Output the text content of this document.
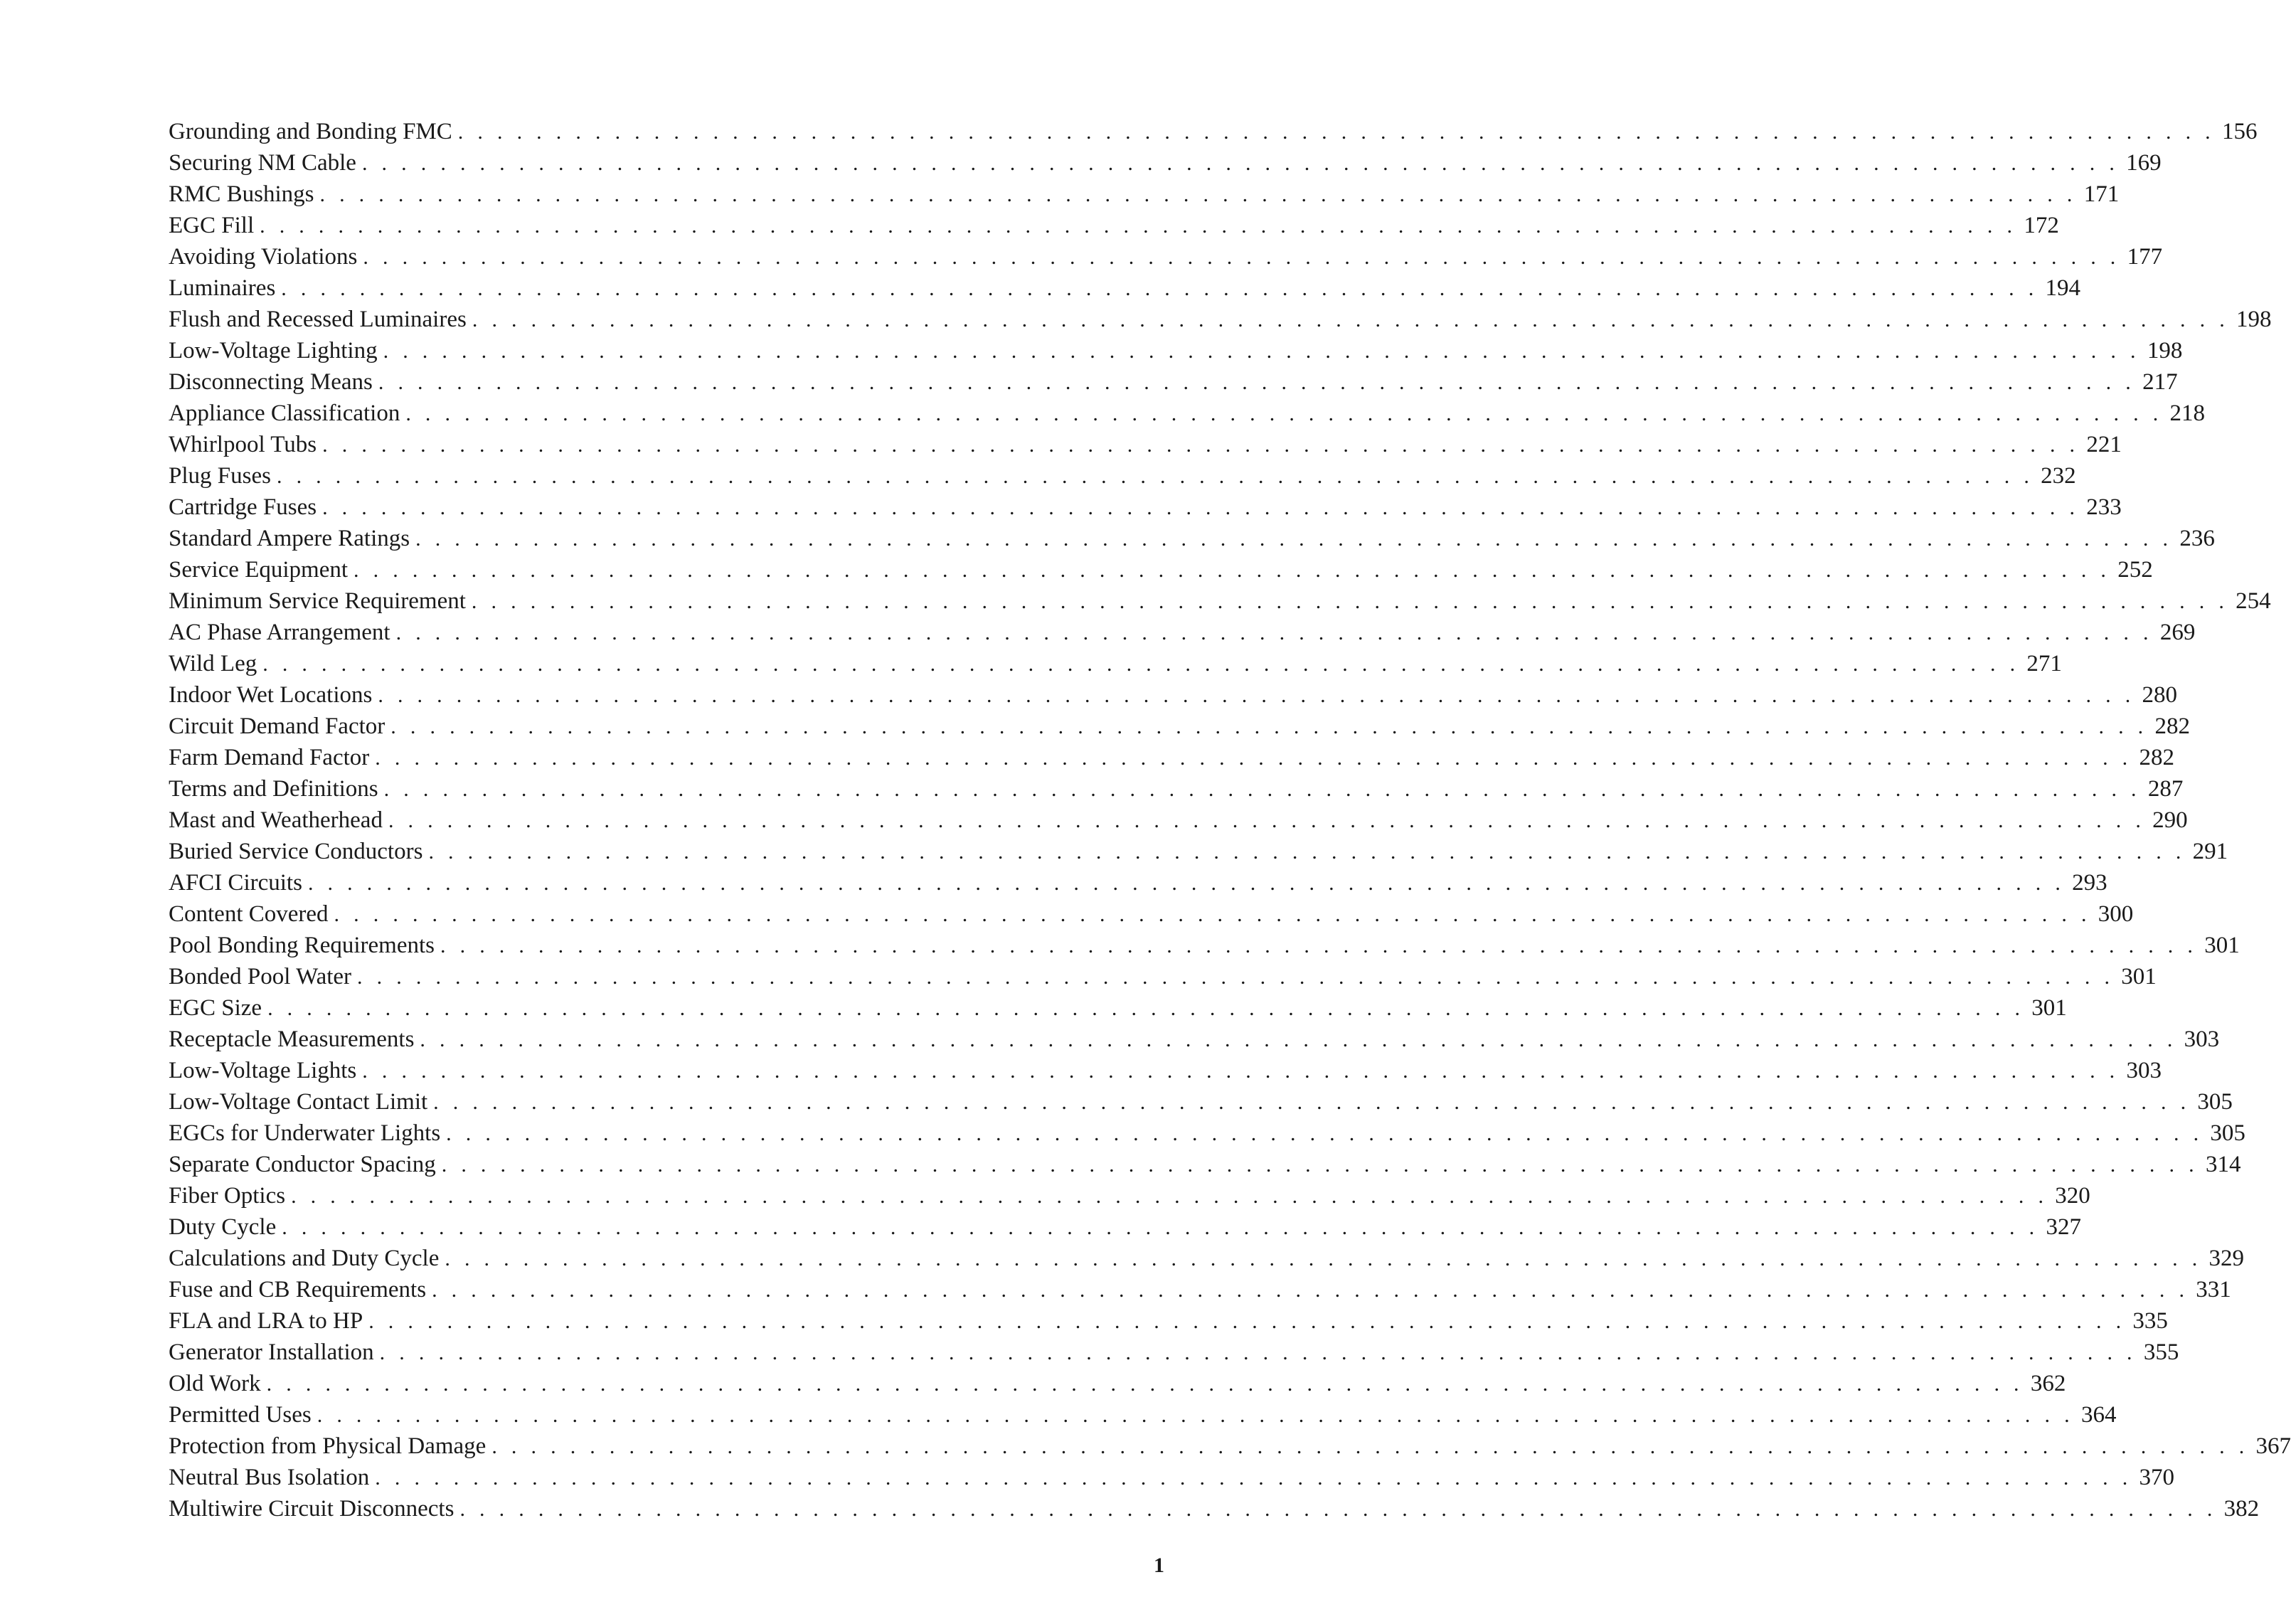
Grounding and Bonding FMC . . . . . . . . . . . . . . . . . . . . . . . . . . . . . . . . . . . . . . . . . . . . . . . . . . . . . . . . . . . . . . . . . . . . . . . . . . . . . . . . . . . . . . . . . . 156
Securing NM Cable . . . . . . . . . . . . . . . . . . . . . . . . . . . . . . . . . . . . . . . . . . . . . . . . . . . . . . . . . . . . . . . . . . . . . . . . . . . . . . . . . . . . . . . . . . 169
RMC Bushings . . . . . . . . . . . . . . . . . . . . . . . . . . . . . . . . . . . . . . . . . . . . . . . . . . . . . . . . . . . . . . . . . . . . . . . . . . . . . . . . . . . . . . . . . . 171
EGC Fill . . . . . . . . . . . . . . . . . . . . . . . . . . . . . . . . . . . . . . . . . . . . . . . . . . . . . . . . . . . . . . . . . . . . . . . . . . . . . . . . . . . . . . . . . . 172
Avoiding Violations . . . . . . . . . . . . . . . . . . . . . . . . . . . . . . . . . . . . . . . . . . . . . . . . . . . . . . . . . . . . . . . . . . . . . . . . . . . . . . . . . . . . . . . . . . 177
Luminaires . . . . . . . . . . . . . . . . . . . . . . . . . . . . . . . . . . . . . . . . . . . . . . . . . . . . . . . . . . . . . . . . . . . . . . . . . . . . . . . . . . . . . . . . . . 194
Flush and Recessed Luminaires . . . . . . . . . . . . . . . . . . . . . . . . . . . . . . . . . . . . . . . . . . . . . . . . . . . . . . . . . . . . . . . . . . . . . . . . . . . . . . . . . . . . . . . . . . 198
Low-Voltage Lighting . . . . . . . . . . . . . . . . . . . . . . . . . . . . . . . . . . . . . . . . . . . . . . . . . . . . . . . . . . . . . . . . . . . . . . . . . . . . . . . . . . . . . . . . . . 198
Disconnecting Means . . . . . . . . . . . . . . . . . . . . . . . . . . . . . . . . . . . . . . . . . . . . . . . . . . . . . . . . . . . . . . . . . . . . . . . . . . . . . . . . . . . . . . . . . . 217
Appliance Classification . . . . . . . . . . . . . . . . . . . . . . . . . . . . . . . . . . . . . . . . . . . . . . . . . . . . . . . . . . . . . . . . . . . . . . . . . . . . . . . . . . . . . . . . . . 218
Whirlpool Tubs . . . . . . . . . . . . . . . . . . . . . . . . . . . . . . . . . . . . . . . . . . . . . . . . . . . . . . . . . . . . . . . . . . . . . . . . . . . . . . . . . . . . . . . . . . 221
Plug Fuses . . . . . . . . . . . . . . . . . . . . . . . . . . . . . . . . . . . . . . . . . . . . . . . . . . . . . . . . . . . . . . . . . . . . . . . . . . . . . . . . . . . . . . . . . . 232
Cartridge Fuses . . . . . . . . . . . . . . . . . . . . . . . . . . . . . . . . . . . . . . . . . . . . . . . . . . . . . . . . . . . . . . . . . . . . . . . . . . . . . . . . . . . . . . . . . . 233
Standard Ampere Ratings . . . . . . . . . . . . . . . . . . . . . . . . . . . . . . . . . . . . . . . . . . . . . . . . . . . . . . . . . . . . . . . . . . . . . . . . . . . . . . . . . . . . . . . . . . 236
Service Equipment . . . . . . . . . . . . . . . . . . . . . . . . . . . . . . . . . . . . . . . . . . . . . . . . . . . . . . . . . . . . . . . . . . . . . . . . . . . . . . . . . . . . . . . . . . 252
Minimum Service Requirement . . . . . . . . . . . . . . . . . . . . . . . . . . . . . . . . . . . . . . . . . . . . . . . . . . . . . . . . . . . . . . . . . . . . . . . . . . . . . . . . . . . . . . . . . . 254
AC Phase Arrangement . . . . . . . . . . . . . . . . . . . . . . . . . . . . . . . . . . . . . . . . . . . . . . . . . . . . . . . . . . . . . . . . . . . . . . . . . . . . . . . . . . . . . . . . . . 269
Wild Leg . . . . . . . . . . . . . . . . . . . . . . . . . . . . . . . . . . . . . . . . . . . . . . . . . . . . . . . . . . . . . . . . . . . . . . . . . . . . . . . . . . . . . . . . . . 271
Indoor Wet Locations . . . . . . . . . . . . . . . . . . . . . . . . . . . . . . . . . . . . . . . . . . . . . . . . . . . . . . . . . . . . . . . . . . . . . . . . . . . . . . . . . . . . . . . . . . 280
Circuit Demand Factor . . . . . . . . . . . . . . . . . . . . . . . . . . . . . . . . . . . . . . . . . . . . . . . . . . . . . . . . . . . . . . . . . . . . . . . . . . . . . . . . . . . . . . . . . . 282
Farm Demand Factor . . . . . . . . . . . . . . . . . . . . . . . . . . . . . . . . . . . . . . . . . . . . . . . . . . . . . . . . . . . . . . . . . . . . . . . . . . . . . . . . . . . . . . . . . . 282
Terms and Definitions . . . . . . . . . . . . . . . . . . . . . . . . . . . . . . . . . . . . . . . . . . . . . . . . . . . . . . . . . . . . . . . . . . . . . . . . . . . . . . . . . . . . . . . . . . 287
Mast and Weatherhead . . . . . . . . . . . . . . . . . . . . . . . . . . . . . . . . . . . . . . . . . . . . . . . . . . . . . . . . . . . . . . . . . . . . . . . . . . . . . . . . . . . . . . . . . . 290
Buried Service Conductors . . . . . . . . . . . . . . . . . . . . . . . . . . . . . . . . . . . . . . . . . . . . . . . . . . . . . . . . . . . . . . . . . . . . . . . . . . . . . . . . . . . . . . . . . . 291
AFCI Circuits . . . . . . . . . . . . . . . . . . . . . . . . . . . . . . . . . . . . . . . . . . . . . . . . . . . . . . . . . . . . . . . . . . . . . . . . . . . . . . . . . . . . . . . . . . 293
Content Covered . . . . . . . . . . . . . . . . . . . . . . . . . . . . . . . . . . . . . . . . . . . . . . . . . . . . . . . . . . . . . . . . . . . . . . . . . . . . . . . . . . . . . . . . . . 300
Pool Bonding Requirements . . . . . . . . . . . . . . . . . . . . . . . . . . . . . . . . . . . . . . . . . . . . . . . . . . . . . . . . . . . . . . . . . . . . . . . . . . . . . . . . . . . . . . . . . . 301
Bonded Pool Water . . . . . . . . . . . . . . . . . . . . . . . . . . . . . . . . . . . . . . . . . . . . . . . . . . . . . . . . . . . . . . . . . . . . . . . . . . . . . . . . . . . . . . . . . . 301
EGC Size . . . . . . . . . . . . . . . . . . . . . . . . . . . . . . . . . . . . . . . . . . . . . . . . . . . . . . . . . . . . . . . . . . . . . . . . . . . . . . . . . . . . . . . . . . 301
Receptacle Measurements . . . . . . . . . . . . . . . . . . . . . . . . . . . . . . . . . . . . . . . . . . . . . . . . . . . . . . . . . . . . . . . . . . . . . . . . . . . . . . . . . . . . . . . . . . 303
Low-Voltage Lights . . . . . . . . . . . . . . . . . . . . . . . . . . . . . . . . . . . . . . . . . . . . . . . . . . . . . . . . . . . . . . . . . . . . . . . . . . . . . . . . . . . . . . . . . . 303
Low-Voltage Contact Limit . . . . . . . . . . . . . . . . . . . . . . . . . . . . . . . . . . . . . . . . . . . . . . . . . . . . . . . . . . . . . . . . . . . . . . . . . . . . . . . . . . . . . . . . . . 305
EGCs for Underwater Lights . . . . . . . . . . . . . . . . . . . . . . . . . . . . . . . . . . . . . . . . . . . . . . . . . . . . . . . . . . . . . . . . . . . . . . . . . . . . . . . . . . . . . . . . . . 305
Separate Conductor Spacing . . . . . . . . . . . . . . . . . . . . . . . . . . . . . . . . . . . . . . . . . . . . . . . . . . . . . . . . . . . . . . . . . . . . . . . . . . . . . . . . . . . . . . . . . . 314
Fiber Optics . . . . . . . . . . . . . . . . . . . . . . . . . . . . . . . . . . . . . . . . . . . . . . . . . . . . . . . . . . . . . . . . . . . . . . . . . . . . . . . . . . . . . . . . . . 320
Duty Cycle . . . . . . . . . . . . . . . . . . . . . . . . . . . . . . . . . . . . . . . . . . . . . . . . . . . . . . . . . . . . . . . . . . . . . . . . . . . . . . . . . . . . . . . . . . 327
Calculations and Duty Cycle . . . . . . . . . . . . . . . . . . . . . . . . . . . . . . . . . . . . . . . . . . . . . . . . . . . . . . . . . . . . . . . . . . . . . . . . . . . . . . . . . . . . . . . . . . 329
Fuse and CB Requirements . . . . . . . . . . . . . . . . . . . . . . . . . . . . . . . . . . . . . . . . . . . . . . . . . . . . . . . . . . . . . . . . . . . . . . . . . . . . . . . . . . . . . . . . . . 331
FLA and LRA to HP . . . . . . . . . . . . . . . . . . . . . . . . . . . . . . . . . . . . . . . . . . . . . . . . . . . . . . . . . . . . . . . . . . . . . . . . . . . . . . . . . . . . . . . . . . 335
Generator Installation . . . . . . . . . . . . . . . . . . . . . . . . . . . . . . . . . . . . . . . . . . . . . . . . . . . . . . . . . . . . . . . . . . . . . . . . . . . . . . . . . . . . . . . . . . 355
Old Work . . . . . . . . . . . . . . . . . . . . . . . . . . . . . . . . . . . . . . . . . . . . . . . . . . . . . . . . . . . . . . . . . . . . . . . . . . . . . . . . . . . . . . . . . . 362
Permitted Uses . . . . . . . . . . . . . . . . . . . . . . . . . . . . . . . . . . . . . . . . . . . . . . . . . . . . . . . . . . . . . . . . . . . . . . . . . . . . . . . . . . . . . . . . . . 364
Protection from Physical Damage . . . . . . . . . . . . . . . . . . . . . . . . . . . . . . . . . . . . . . . . . . . . . . . . . . . . . . . . . . . . . . . . . . . . . . . . . . . . . . . . . . . . . . . . . . 367
Neutral Bus Isolation . . . . . . . . . . . . . . . . . . . . . . . . . . . . . . . . . . . . . . . . . . . . . . . . . . . . . . . . . . . . . . . . . . . . . . . . . . . . . . . . . . . . . . . . . . 370
Multiwire Circuit Disconnects . . . . . . . . . . . . . . . . . . . . . . . . . . . . . . . . . . . . . . . . . . . . . . . . . . . . . . . . . . . . . . . . . . . . . . . . . . . . . . . . . . . . . . . . . . 382
1
